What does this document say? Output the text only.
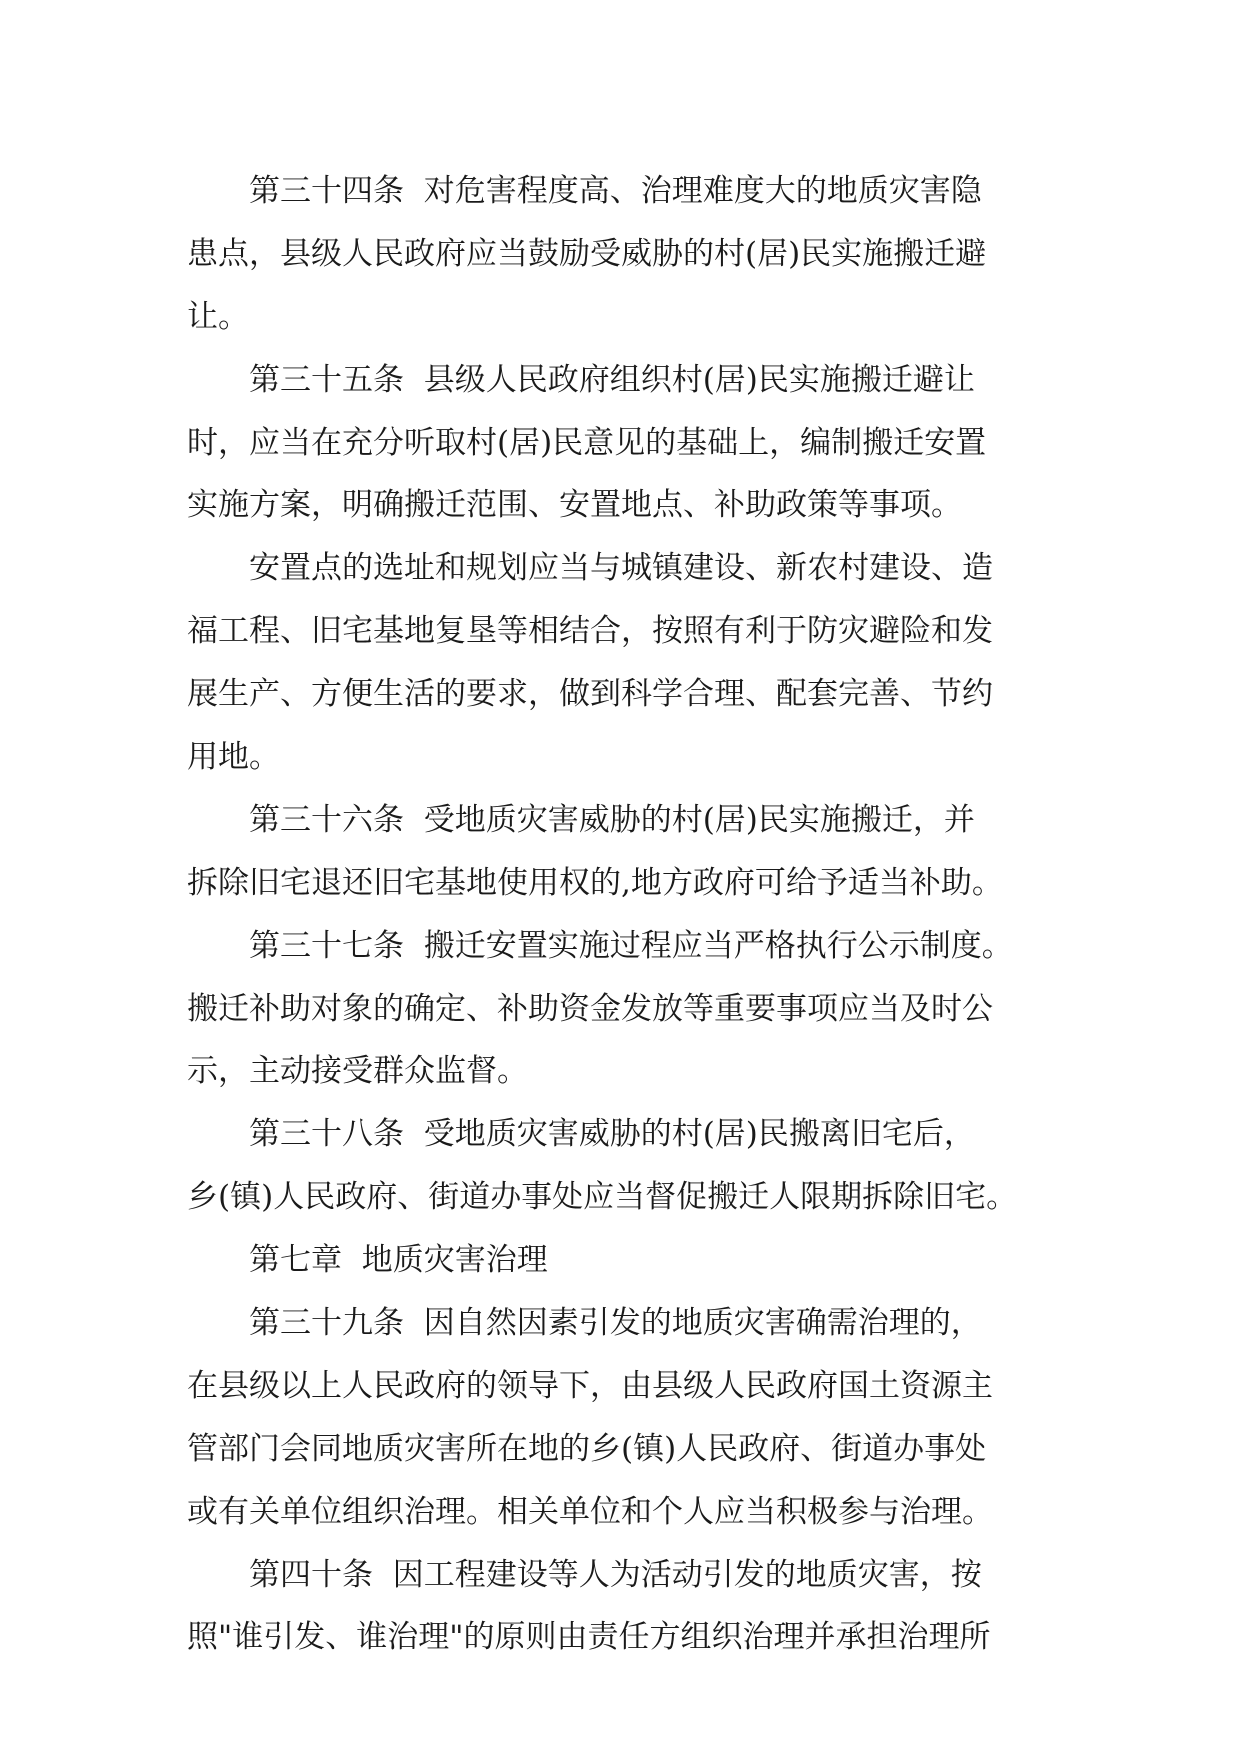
第三十四条  对危害程度高、治理难度大的地质灾害隐
患点，县级人民政府应当鼓励受威胁的村(居)民实施搬迁避
让。
第三十五条  县级人民政府组织村(居)民实施搬迁避让
时，应当在充分听取村(居)民意见的基础上，编制搬迁安置
实施方案，明确搬迁范围、安置地点、补助政策等事项。
安置点的选址和规划应当与城镇建设、新农村建设、造
福工程、旧宅基地复垦等相结合，按照有利于防灾避险和发
展生产、方便生活的要求，做到科学合理、配套完善、节约
用地。
第三十六条  受地质灾害威胁的村(居)民实施搬迁，并
拆除旧宅退还旧宅基地使用权的,地方政府可给予适当补助。
第三十七条  搬迁安置实施过程应当严格执行公示制度。
搬迁补助对象的确定、补助资金发放等重要事项应当及时公
示，主动接受群众监督。
第三十八条  受地质灾害威胁的村(居)民搬离旧宅后，
乡(镇)人民政府、街道办事处应当督促搬迁人限期拆除旧宅。
第七章  地质灾害治理
第三十九条  因自然因素引发的地质灾害确需治理的，
在县级以上人民政府的领导下，由县级人民政府国土资源主
管部门会同地质灾害所在地的乡(镇)人民政府、街道办事处
或有关单位组织治理。相关单位和个人应当积极参与治理。
第四十条  因工程建设等人为活动引发的地质灾害，按
照"谁引发、谁治理"的原则由责任方组织治理并承担治理所
